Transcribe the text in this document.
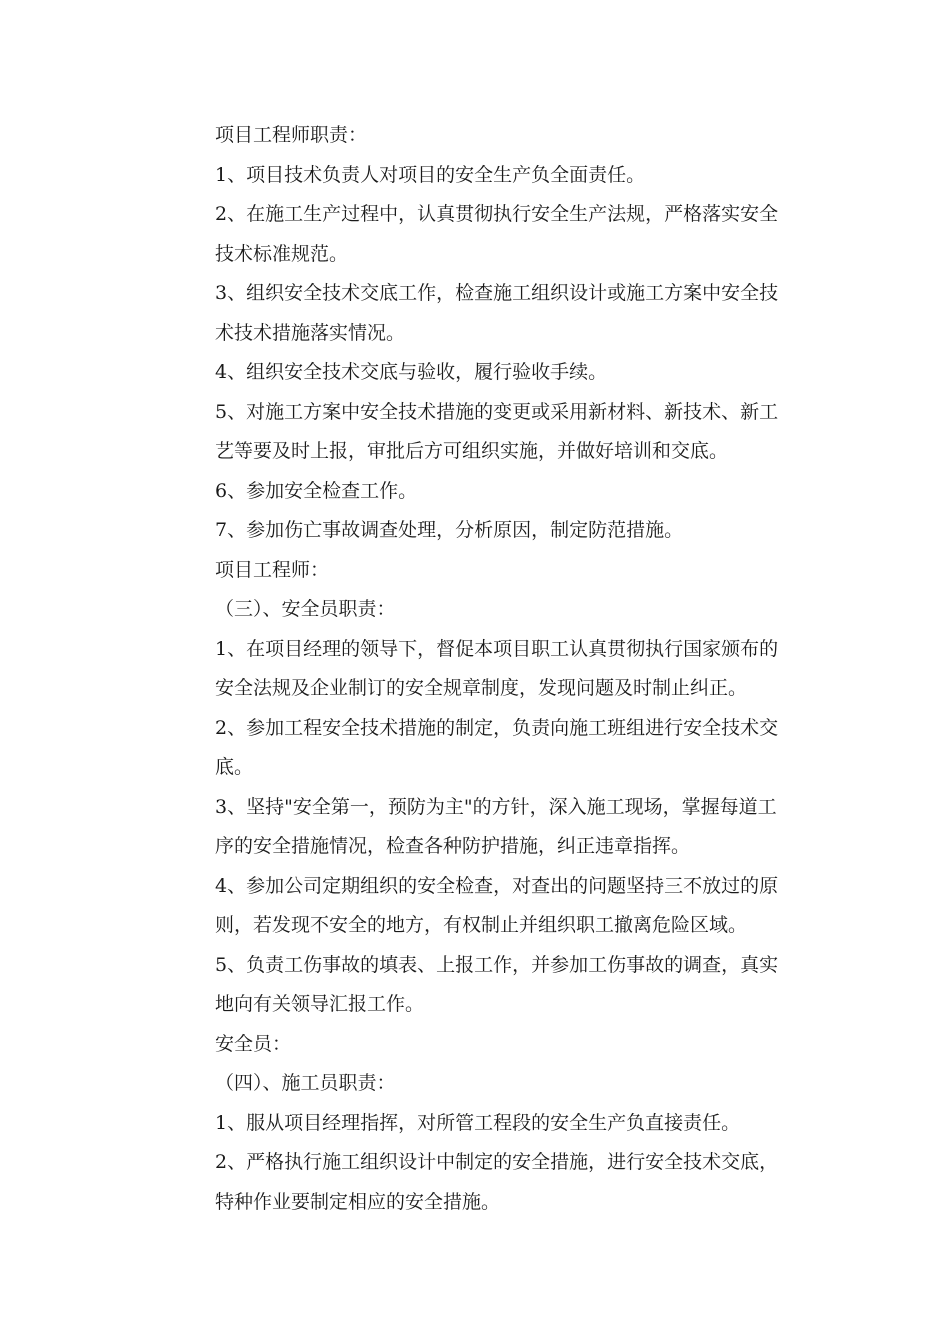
项目工程师职责：

1、项目技术负责人对项目的安全生产负全面责任。

2、在施工生产过程中，认真贯彻执行安全生产法规，严格落实安全

技术标准规范。

3、组织安全技术交底工作，检查施工组织设计或施工方案中安全技

术技术措施落实情况。

4、组织安全技术交底与验收，履行验收手续。

5、对施工方案中安全技术措施的变更或采用新材料、新技术、新工

艺等要及时上报，审批后方可组织实施，并做好培训和交底。

6、参加安全检查工作。

7、参加伤亡事故调查处理，分析原因，制定防范措施。

项目工程师：

（三）、安全员职责：

1、在项目经理的领导下，督促本项目职工认真贯彻执行国家颁布的

安全法规及企业制订的安全规章制度，发现问题及时制止纠正。

2、参加工程安全技术措施的制定，负责向施工班组进行安全技术交

底。

3、坚持"安全第一，预防为主"的方针，深入施工现场，掌握每道工

序的安全措施情况，检查各种防护措施，纠正违章指挥。

4、参加公司定期组织的安全检查，对查出的问题坚持三不放过的原

则，若发现不安全的地方，有权制止并组织职工撤离危险区域。

5、负责工伤事故的填表、上报工作，并参加工伤事故的调查，真实

地向有关领导汇报工作。

安全员：

（四）、施工员职责：

1、服从项目经理指挥，对所管工程段的安全生产负直接责任。

2、严格执行施工组织设计中制定的安全措施，进行安全技术交底，

特种作业要制定相应的安全措施。
